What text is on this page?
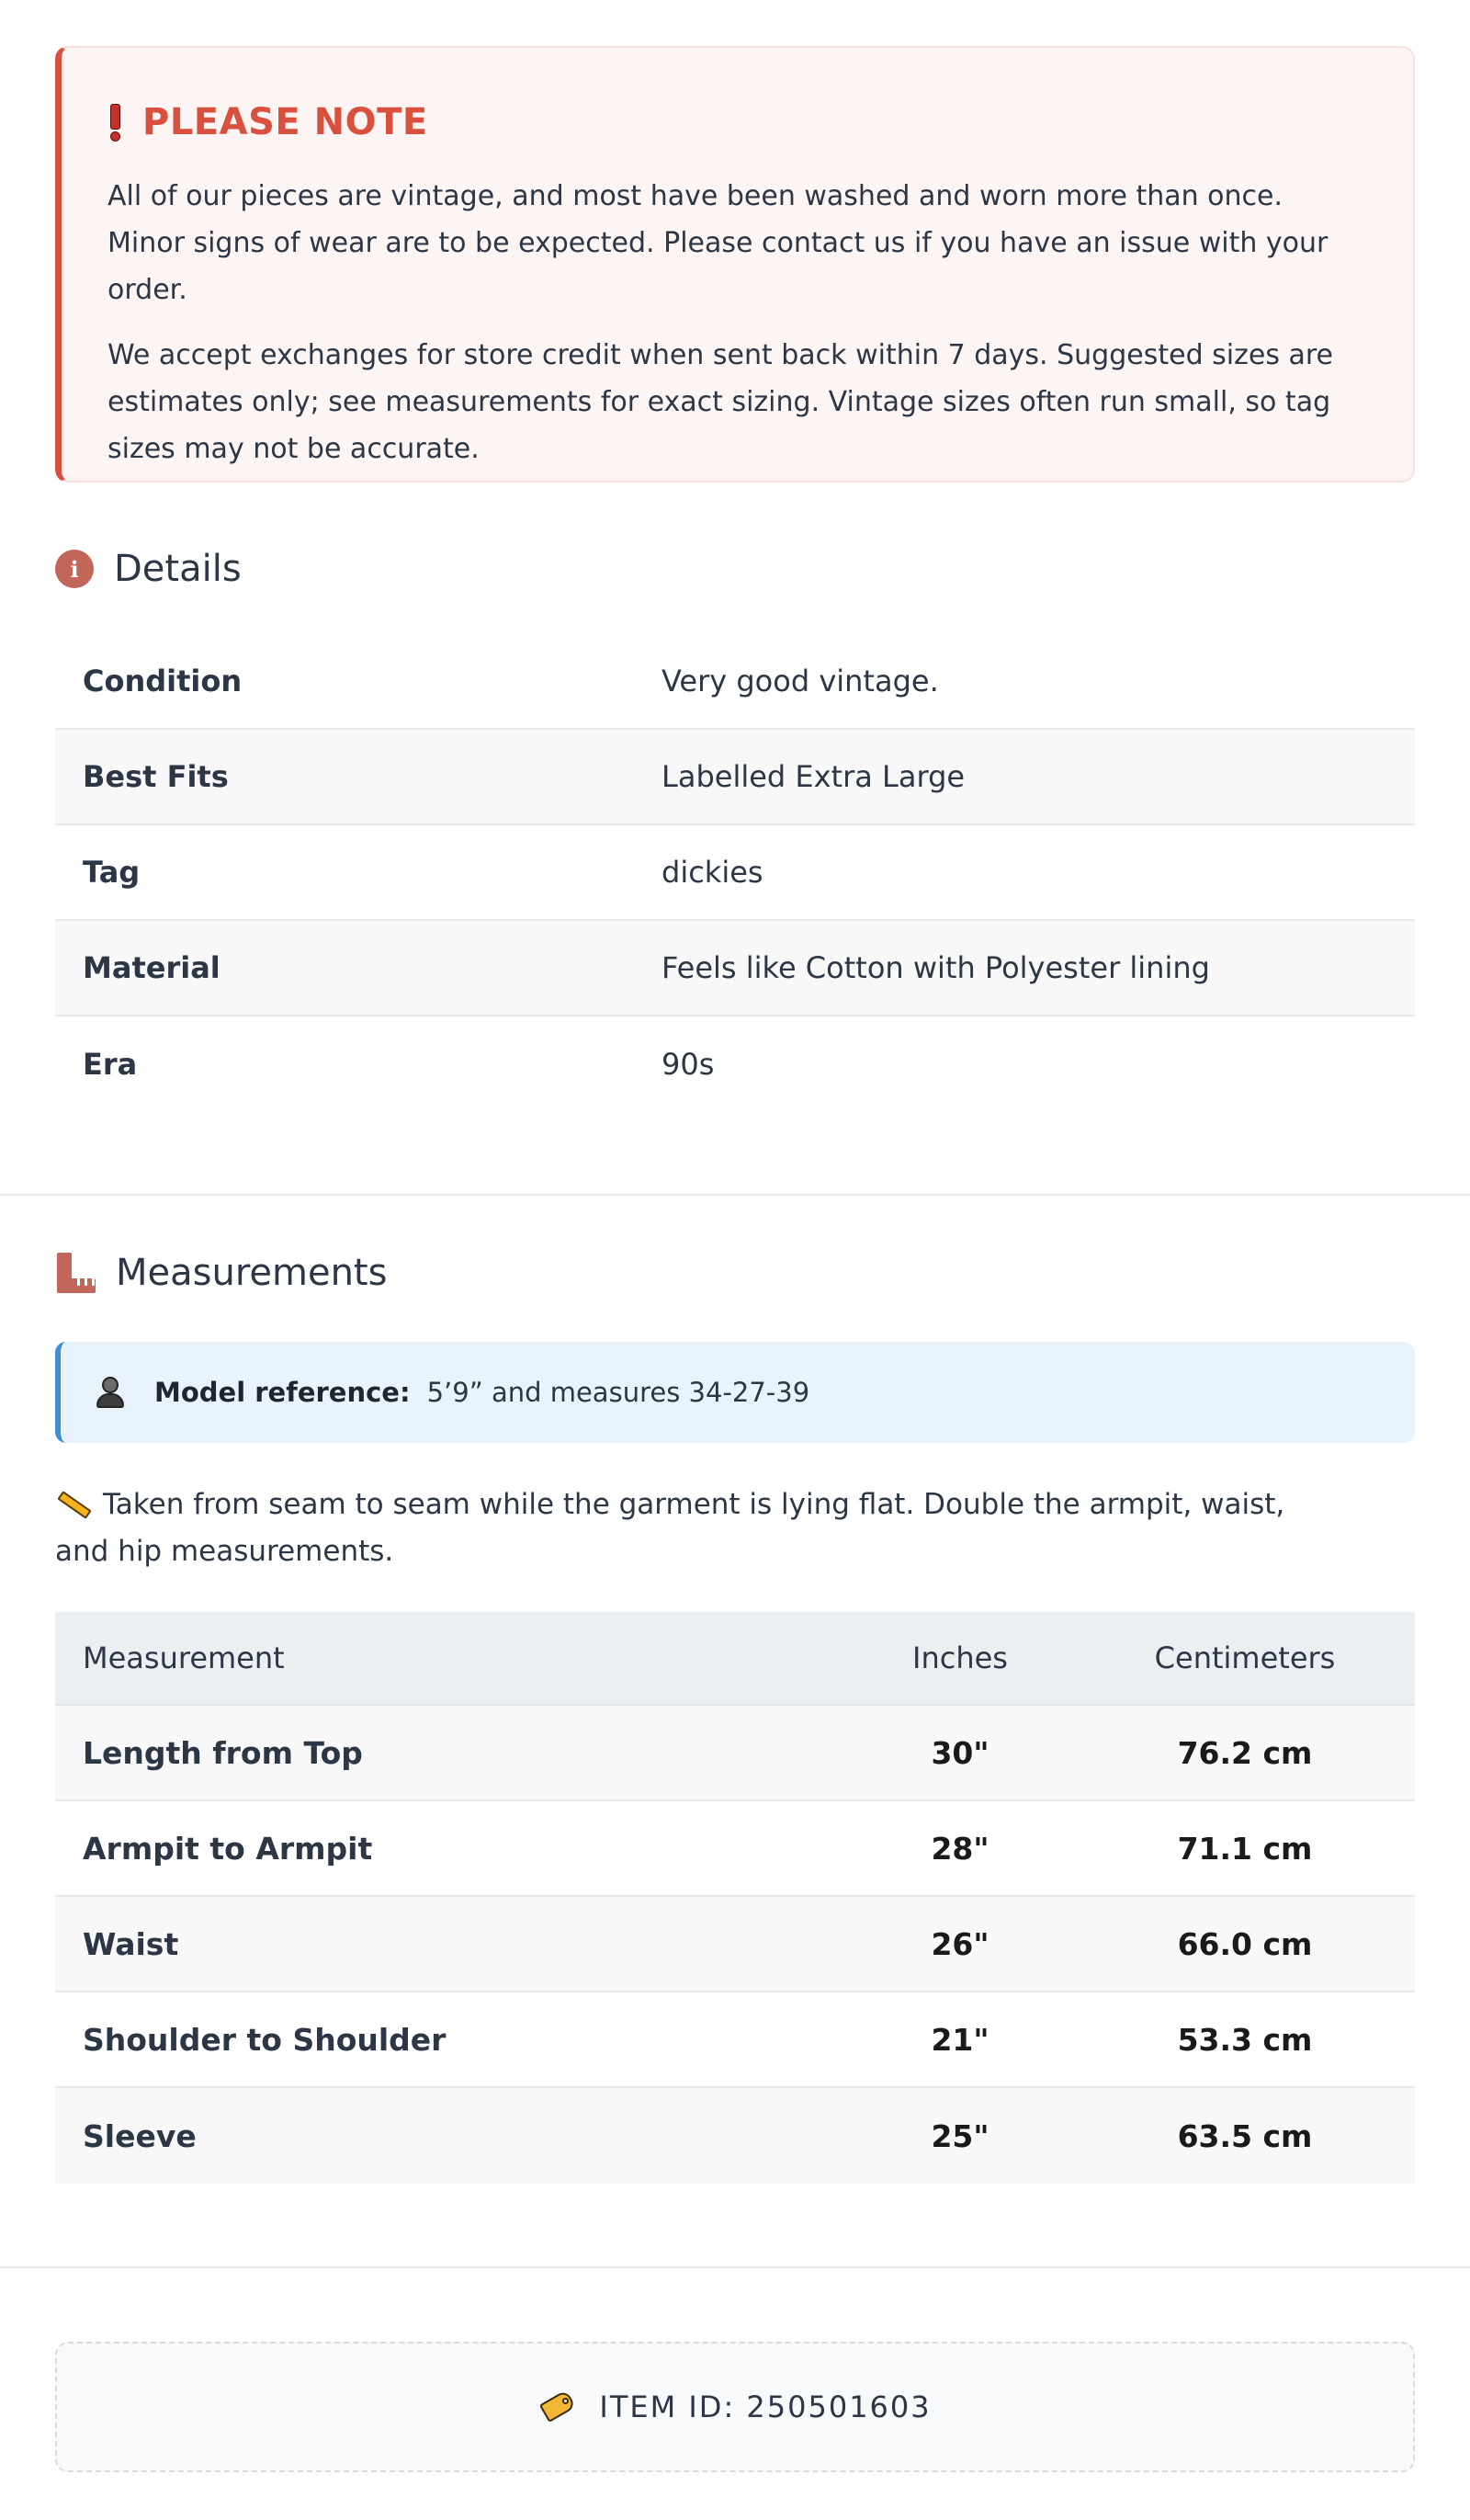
PLEASE NOTE

All of our pieces are vintage, and most have been washed and worn more than once. Minor signs of wear are to be expected. Please contact us if you have an issue with your order.

We accept exchanges for store credit when sent back within 7 days. Suggested sizes are estimates only; see measurements for exact sizing. Vintage sizes often run small, so tag sizes may not be accurate.

i Details
Condition	Very good vintage.
Best Fits	Labelled Extra Large
Tag	dickies
Material	Feels like Cotton with Polyester lining
Era	90s
Measurements
Model reference: 5’9” and measures 34-27-39
Taken from seam to seam while the garment is lying flat. Double the armpit, waist, and hip measurements.
Measurement	Inches	Centimeters
Length from Top	30"	76.2 cm
Armpit to Armpit	28"	71.1 cm
Waist	26"	66.0 cm
Shoulder to Shoulder	21"	53.3 cm
Sleeve	25"	63.5 cm
ITEM ID: 250501603
